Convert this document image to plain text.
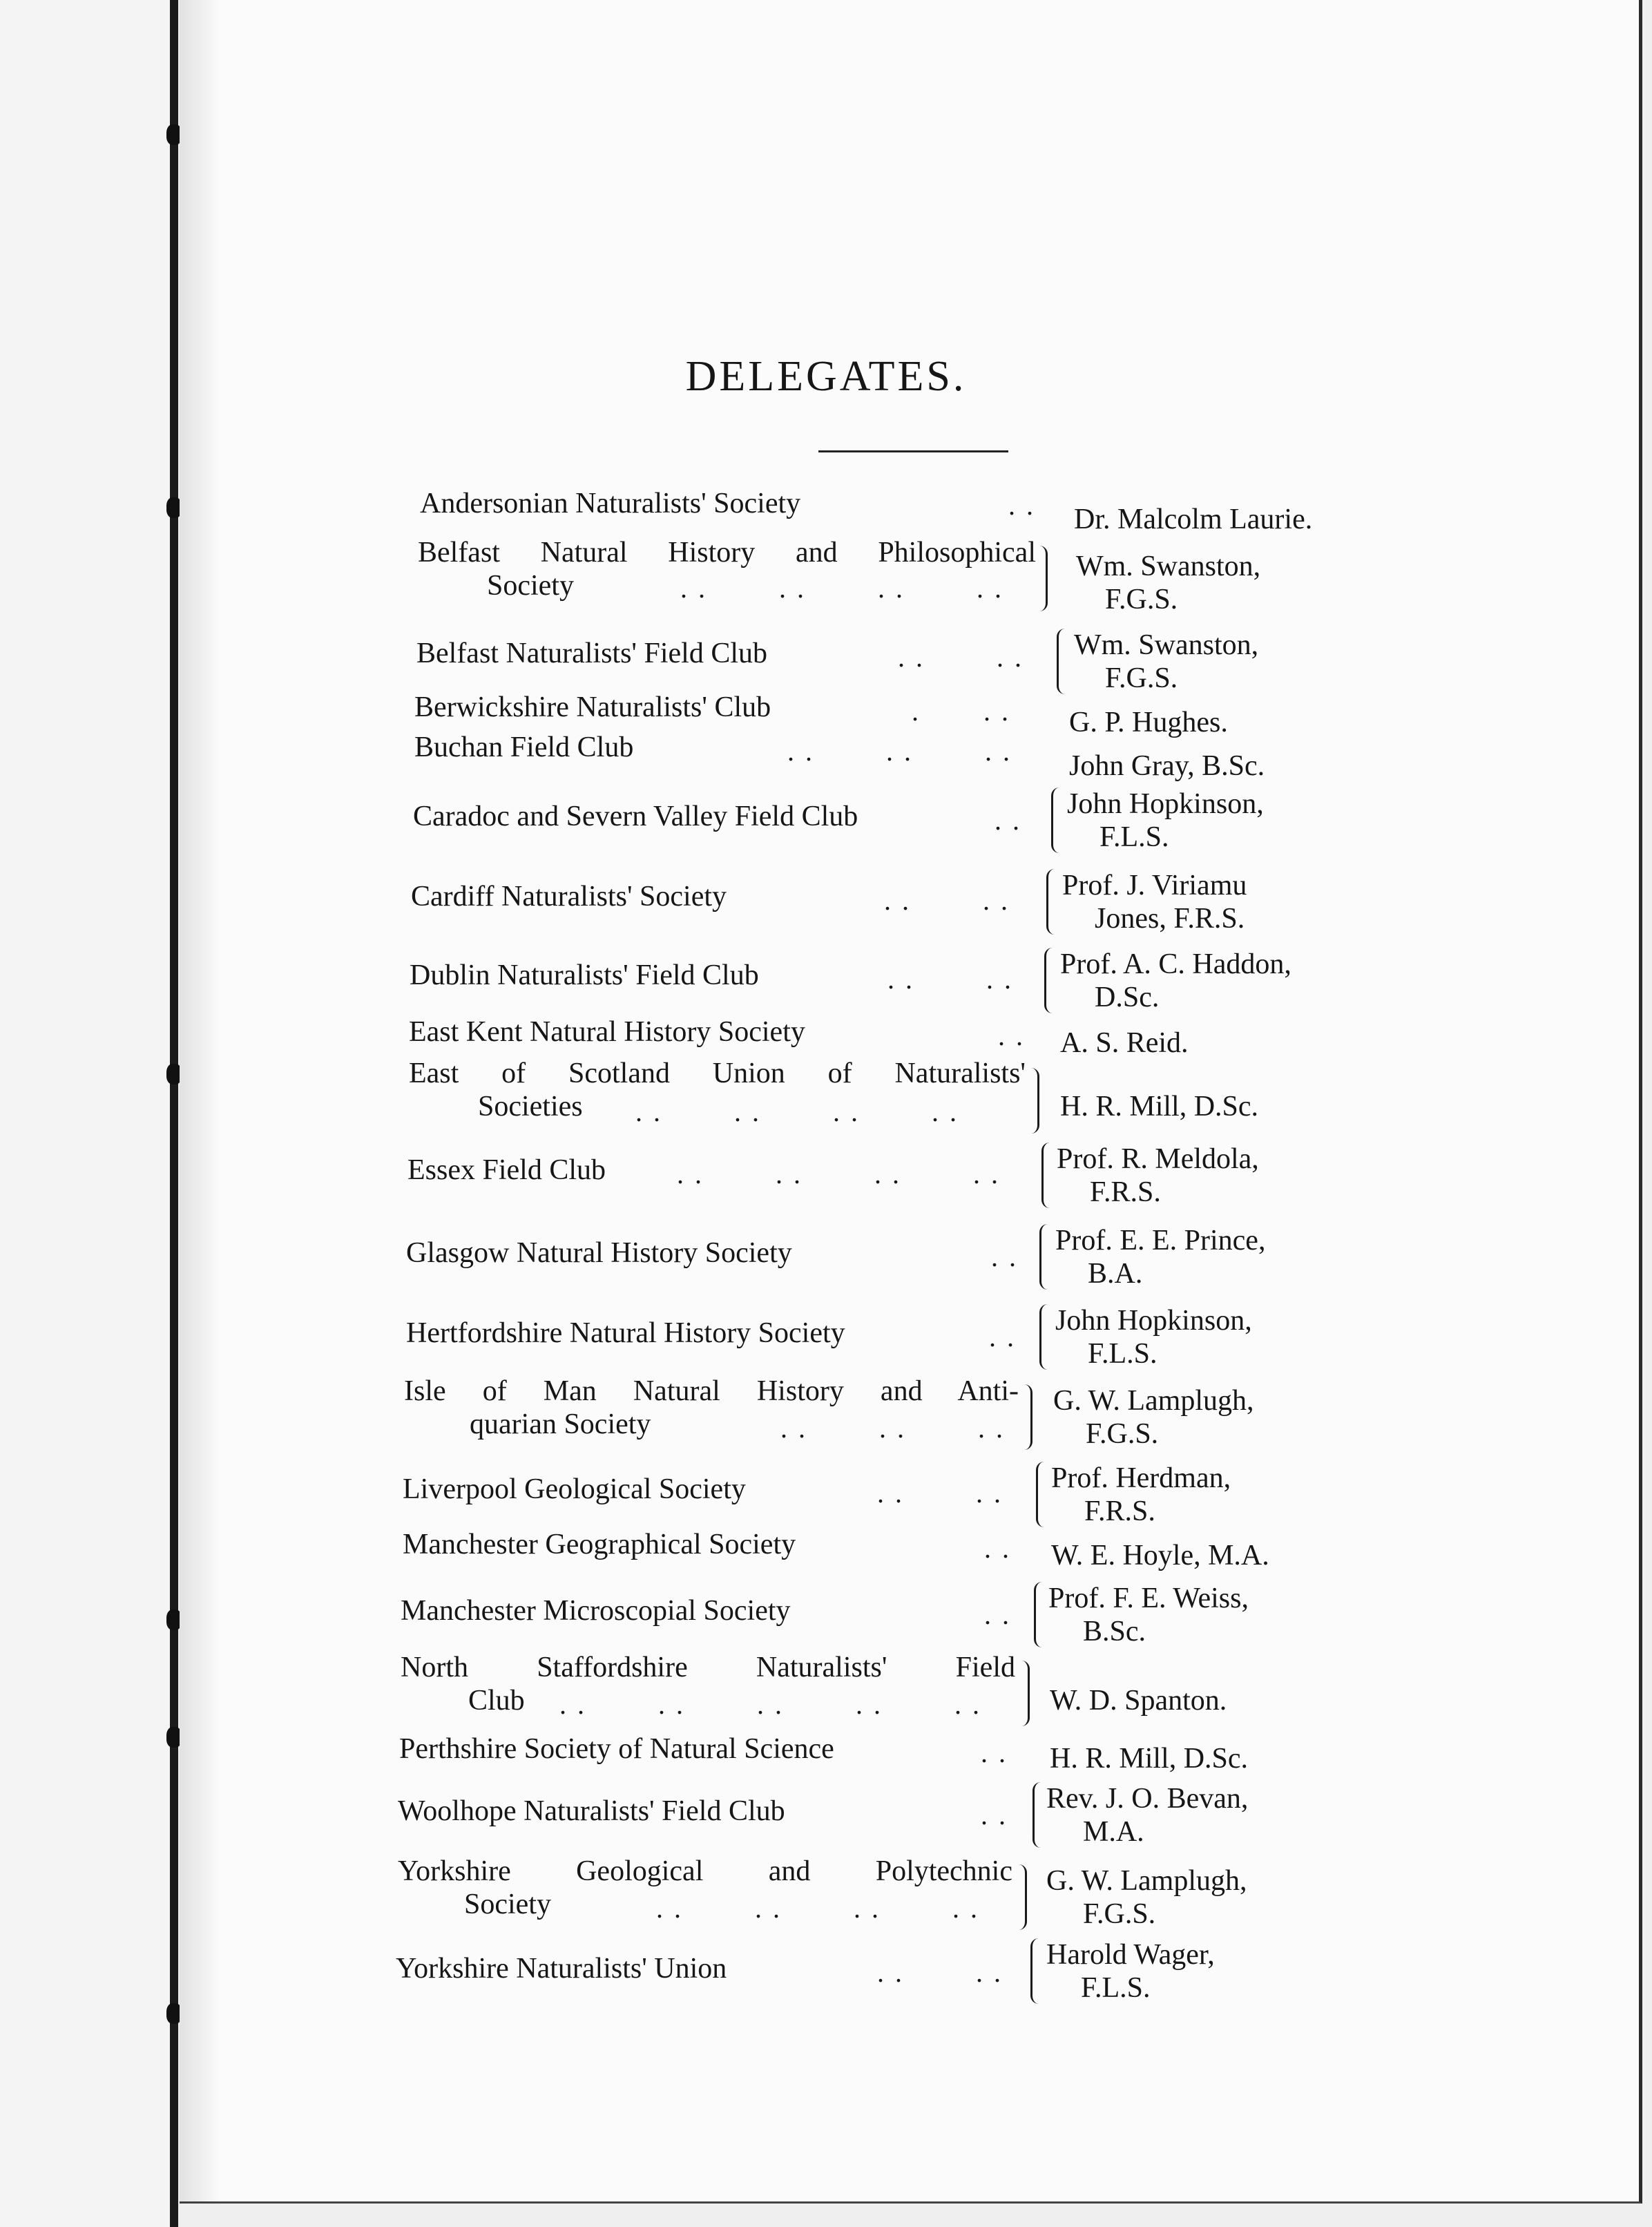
DELEGATES.
Andersonian Naturalists' Society	. . Dr. Malcolm Laurie.
Belfast Natural History and Philosophical
Society	. .        . .        . .        . .
Wm. Swanston,
F.G.S.
Belfast Naturalists' Field Club	. .        . . Wm. Swanston,
F.G.S.
Berwickshire Naturalists' Club	.       . . G. P. Hughes.
Buchan Field Club	. .        . .        . . John Gray, B.Sc.
Caradoc and Severn Valley Field Club	. .
John Hopkinson,
F.L.S.
Cardiff Naturalists' Society	. .        . . Prof. J. Viriamu
Jones, F.R.S.
Dublin Naturalists' Field Club	. .        . . Prof. A. C. Haddon,
D.Sc.
East Kent Natural History Society	. . A. S. Reid.
East of Scotland Union of Naturalists'
Societies . .        . .        . .        . .	H. R. Mill, D.Sc.
Essex Field Club	. .        . .        . .        . . Prof. R. Meldola,
F.R.S.
Glasgow Natural History Society	. .
Prof. E. E. Prince,
B.A.
Hertfordshire Natural History Society	. .
John Hopkinson,
F.L.S.
Isle of Man Natural History and Anti-
quarian Society	. .        . .        . .
G. W. Lamplugh,
F.G.S.
Liverpool Geological Society	. .        . . Prof. Herdman,
F.R.S.
Manchester Geographical Society	. . W. E. Hoyle, M.A.
Manchester Microscopial Society	. .
Prof. F. E. Weiss,
B.Sc.
North Staffordshire Naturalists' Field
Club . .        . .        . .        . .        . . W. D. Spanton.
Perthshire Society of Natural Science	. . H. R. Mill, D.Sc.
Woolhope Naturalists' Field Club	. .
Rev. J. O. Bevan,
M.A.
Yorkshire Geological and Polytechnic
Society	. .        . .        . .        . .
G. W. Lamplugh,
F.G.S.
Yorkshire Naturalists' Union	. .        . .
Harold Wager,
F.L.S.
